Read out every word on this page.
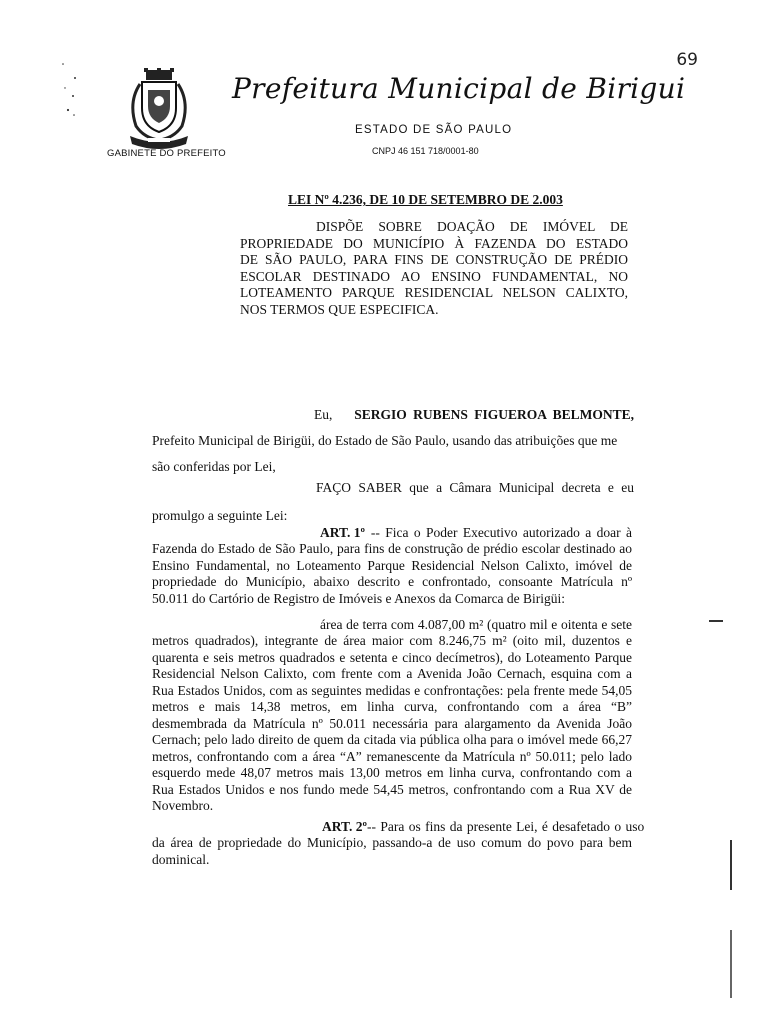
69
GABINETE DO PREFEITO
Prefeitura Municipal de Birigui
ESTADO DE SÃO PAULO
CNPJ 46 151 718/0001-80
LEI Nº 4.236, DE 10 DE SETEMBRO DE 2.003
DISPÕE SOBRE DOAÇÃO DE IMÓVEL DE
PROPRIEDADE DO MUNICÍPIO À FAZENDA DO ESTADO
DE SÃO PAULO, PARA FINS DE CONSTRUÇÃO DE PRÉDIO
ESCOLAR DESTINADO AO ENSINO FUNDAMENTAL, NO
LOTEAMENTO PARQUE RESIDENCIAL NELSON CALIXTO,
NOS TERMOS QUE ESPECIFICA.
Eu, SERGIO RUBENS FIGUEROA BELMONTE,
Prefeito Municipal de Birigüi, do Estado de São Paulo, usando das atribuições que me
são conferidas por Lei,
FAÇO SABER que a Câmara Municipal decreta e eu
promulgo a seguinte Lei:
ART. 1º -- Fica o Poder Executivo autorizado a doar à
Fazenda do Estado de São Paulo, para fins de construção de prédio escolar destinado ao
Ensino Fundamental, no Loteamento Parque Residencial Nelson Calixto, imóvel de
propriedade do Município, abaixo descrito e confrontado, consoante Matrícula nº
50.011 do Cartório de Registro de Imóveis e Anexos da Comarca de Birigüi:
área de terra com 4.087,00 m² (quatro mil e oitenta e sete
metros quadrados), integrante de área maior com 8.246,75 m² (oito mil, duzentos e
quarenta e seis metros quadrados e setenta e cinco decímetros), do Loteamento Parque
Residencial Nelson Calixto, com frente com a Avenida João Cernach, esquina com a
Rua Estados Unidos, com as seguintes medidas e confrontações: pela frente mede 54,05
metros e mais 14,38 metros, em linha curva, confrontando com a área “B”
desmembrada da Matrícula nº 50.011 necessária para alargamento da Avenida João
Cernach; pelo lado direito de quem da citada via pública olha para o imóvel mede 66,27
metros, confrontando com a área “A” remanescente da Matrícula nº 50.011; pelo lado
esquerdo mede 48,07 metros mais 13,00 metros em linha curva, confrontando com a
Rua Estados Unidos e nos fundo mede 54,45 metros, confrontando com a Rua XV de
Novembro.
ART. 2º -- Para os fins da presente Lei, é desafetado o uso
da área de propriedade do Município, passando-a de uso comum do povo para bem
dominical.
